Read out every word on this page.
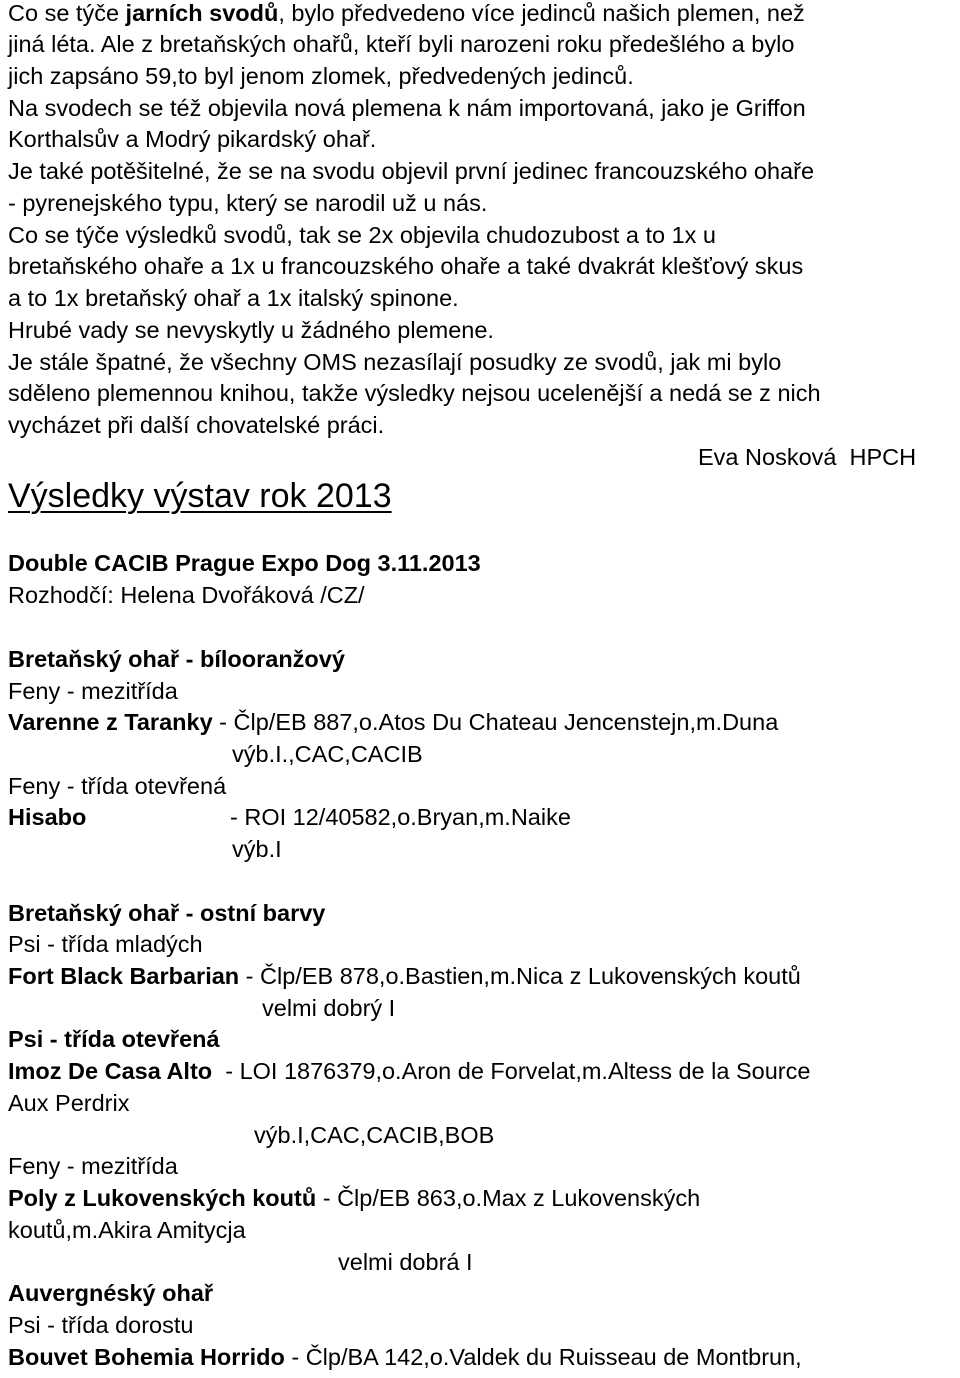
Co se týče jarních svodů, bylo předvedeno více jedinců našich plemen, než
jiná léta. Ale z bretaňských ohařů, kteří byli narozeni roku předešlého a bylo
jich zapsáno 59,to byl jenom zlomek, předvedených jedinců.
Na svodech se též objevila nová plemena k nám importovaná, jako je Griffon
Korthalsův a Modrý pikardský ohař.
Je také potěšitelné, že se na svodu objevil první jedinec francouzského ohaře
- pyrenejského typu, který se narodil už u nás.
Co se týče výsledků svodů, tak se 2x objevila chudozubost a to 1x u
bretaňského ohaře a 1x u francouzského ohaře a také dvakrát klešťový skus
a to 1x bretaňský ohař a 1x italský spinone.
Hrubé vady se nevyskytly u žádného plemene.
Je stále špatné, že všechny OMS nezasílají posudky ze svodů, jak mi bylo
sděleno plemennou knihou, takže výsledky nejsou ucelenější a nedá se z nich
vycházet při další chovatelské práci.
Eva Nosková  HPCH
Výsledky výstav rok 2013
Double CACIB Prague Expo Dog 3.11.2013
Rozhodčí: Helena Dvořáková /CZ/
Bretaňský ohař - bílooranžový
Feny - mezitřída
Varenne z Taranky - Člp/EB 887,o.Atos Du Chateau Jencenstejn,m.Duna
výb.I.,CAC,CACIB
Feny - třída otevřená
Hisabo	- ROI 12/40582,o.Bryan,m.Naike
výb.I
Bretaňský ohař - ostní barvy
Psi - třída mladých
Fort Black Barbarian - Člp/EB 878,o.Bastien,m.Nica z Lukovenských koutů
velmi dobrý I
Psi - třída otevřená
Imoz De Casa Alto  - LOI 1876379,o.Aron de Forvelat,m.Altess de la Source
Aux Perdrix
výb.I,CAC,CACIB,BOB
Feny - mezitřída
Poly z Lukovenských koutů - Člp/EB 863,o.Max z Lukovenských
koutů,m.Akira Amitycja
velmi dobrá I
Auvergnéský ohař
Psi - třída dorostu
Bouvet Bohemia Horrido - Člp/BA 142,o.Valdek du Ruisseau de Montbrun,
